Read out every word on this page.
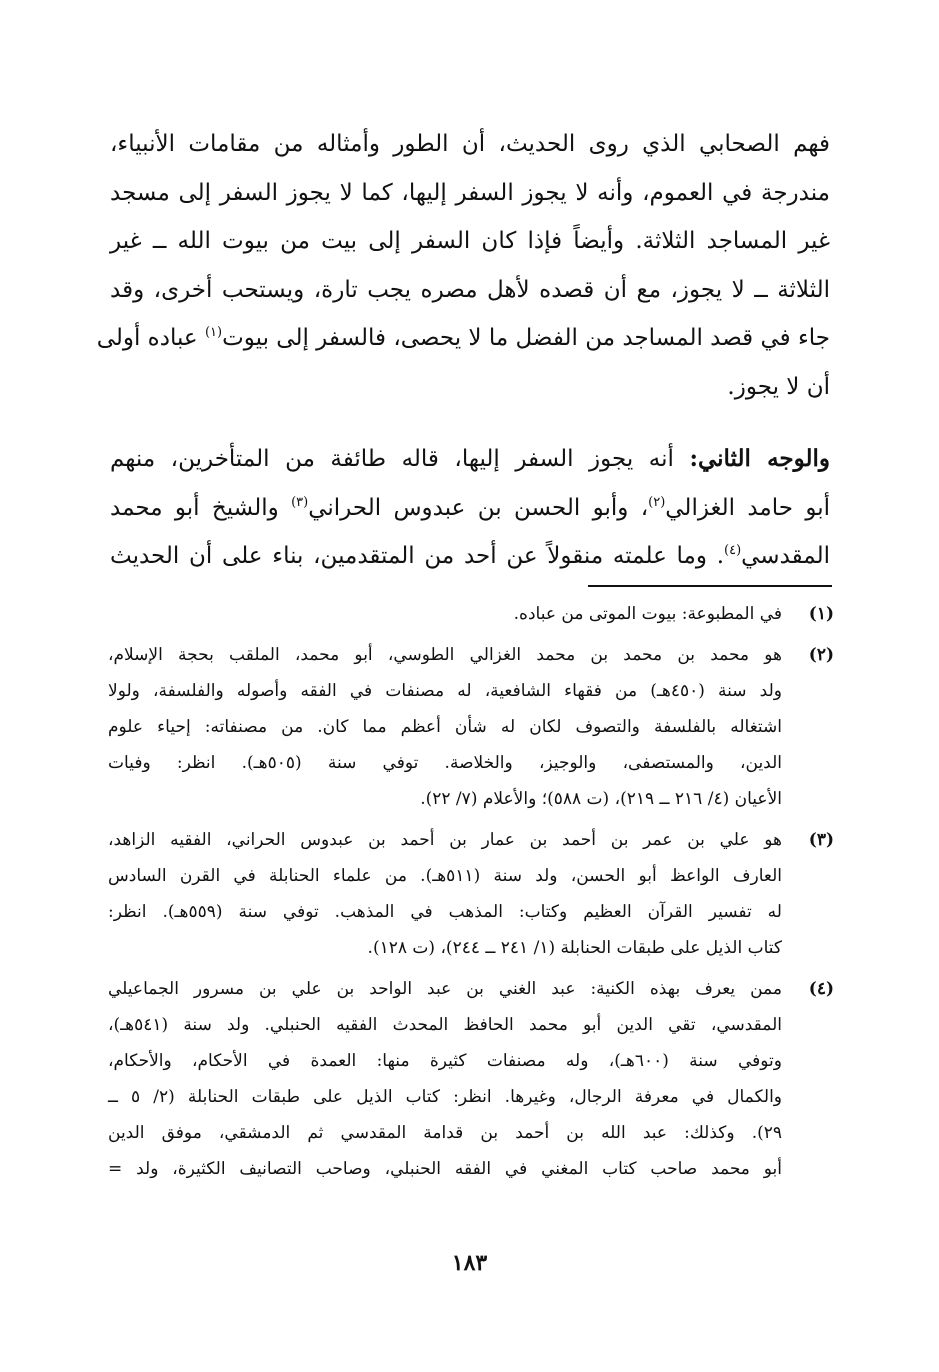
فهم الصحابي الذي روى الحديث، أن الطور وأمثاله من مقامات الأنبياء،
مندرجة في العموم، وأنه لا يجوز السفر إليها، كما لا يجوز السفر إلى مسجد
غير المساجد الثلاثة. وأيضاً فإذا كان السفر إلى بيت من بيوت الله ــ غير
الثلاثة ــ لا يجوز، مع أن قصده لأهل مصره يجب تارة، ويستحب أخرى، وقد
جاء في قصد المساجد من الفضل ما لا يحصى، فالسفر إلى بيوت$^{(١)}$ عباده أولى
أن لا يجوز.
والوجه الثاني: أنه يجوز السفر إليها، قاله طائفة من المتأخرين، منهم
أبو حامد الغزالي$^{(٢)}$، وأبو الحسن بن عبدوس الحراني$^{(٣)}$ والشيخ أبو محمد
المقدسي$^{(٤)}$. وما علمته منقولاً عن أحد من المتقدمين، بناء على أن الحديث
(١)
في المطبوعة: بيوت الموتى من عباده.
(٢)
هو محمد بن محمد بن محمد الغزالي الطوسي، أبو محمد، الملقب بحجة الإسلام،
ولد سنة (٤٥٠هـ) من فقهاء الشافعية، له مصنفات في الفقه وأصوله والفلسفة، ولولا
اشتغاله بالفلسفة والتصوف لكان له شأن أعظم مما كان. من مصنفاته: إحياء علوم
الدين، والمستصفى، والوجيز، والخلاصة. توفي سنة (٥٠٥هـ). انظر: وفيات
الأعيان (٤/ ٢١٦ ــ ٢١٩)، (ت ٥٨٨)؛ والأعلام (٧/ ٢٢).
(٣)
هو علي بن عمر بن أحمد بن عمار بن أحمد بن عبدوس الحراني، الفقيه الزاهد،
العارف الواعظ أبو الحسن، ولد سنة (٥١١هـ). من علماء الحنابلة في القرن السادس
له تفسير القرآن العظيم وكتاب: المذهب في المذهب. توفي سنة (٥٥٩هـ). انظر:
كتاب الذيل على طبقات الحنابلة (١/ ٢٤١ ــ ٢٤٤)، (ت ١٢٨).
(٤)
ممن يعرف بهذه الكنية: عبد الغني بن عبد الواحد بن علي بن مسرور الجماعيلي
المقدسي، تقي الدين أبو محمد الحافظ المحدث الفقيه الحنبلي. ولد سنة (٥٤١هـ)،
وتوفي سنة (٦٠٠هـ)، وله مصنفات كثيرة منها: العمدة في الأحكام، والأحكام،
والكمال في معرفة الرجال، وغيرها. انظر: كتاب الذيل على طبقات الحنابلة (٢/ ٥ ــ
٢٩). وكذلك: عبد الله بن أحمد بن قدامة المقدسي ثم الدمشقي، موفق الدين
أبو محمد صاحب كتاب المغني في الفقه الحنبلي، وصاحب التصانيف الكثيرة، ولد =
١٨٣
